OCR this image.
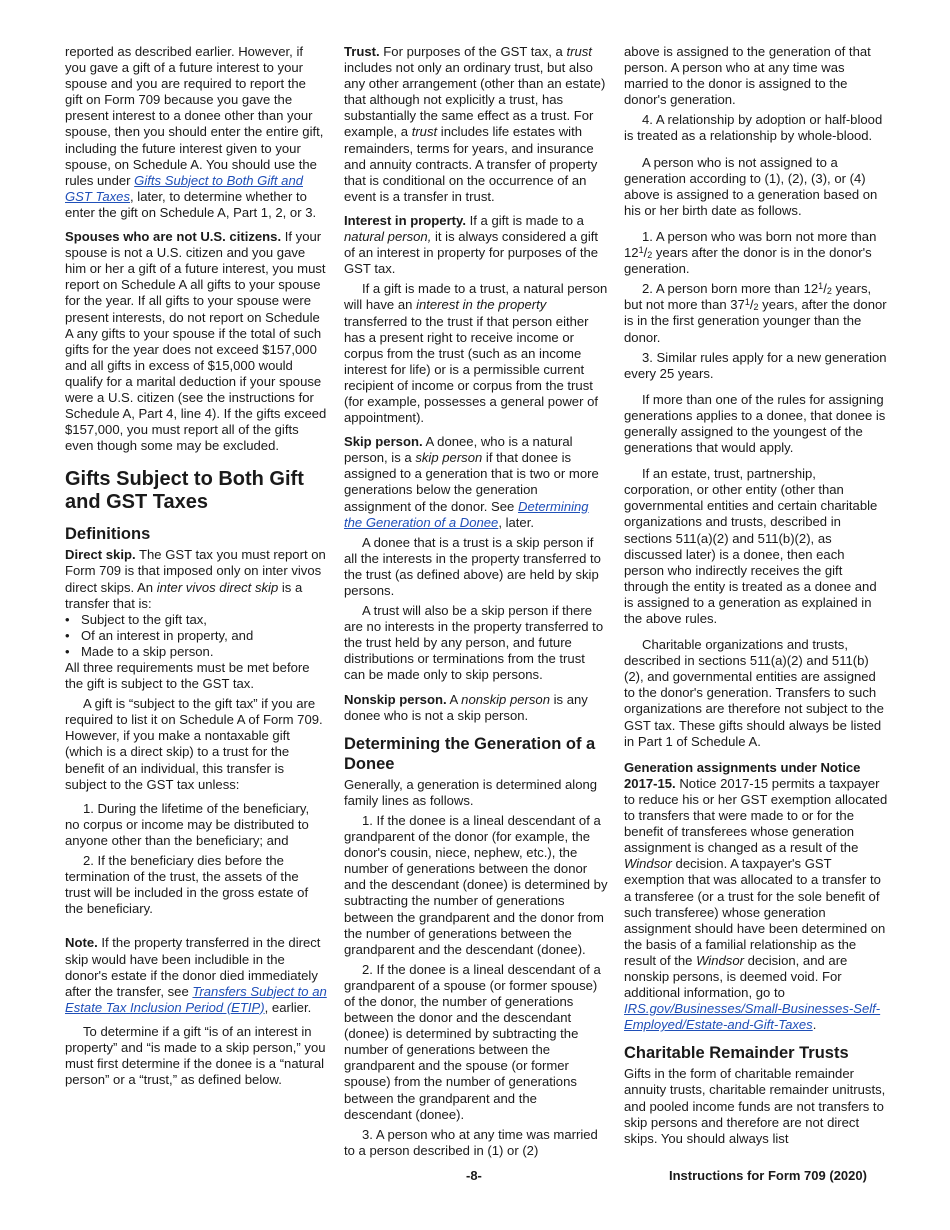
reported as described earlier. However, if you gave a gift of a future interest to your spouse and you are required to report the gift on Form 709 because you gave the present interest to a donee other than your spouse, then you should enter the entire gift, including the future interest given to your spouse, on Schedule A. You should use the rules under Gifts Subject to Both Gift and GST Taxes, later, to determine whether to enter the gift on Schedule A, Part 1, 2, or 3.

Spouses who are not U.S. citizens. If your spouse is not a U.S. citizen and you gave him or her a gift of a future interest, you must report on Schedule A all gifts to your spouse for the year. If all gifts to your spouse were present interests, do not report on Schedule A any gifts to your spouse if the total of such gifts for the year does not exceed $157,000 and all gifts in excess of $15,000 would qualify for a marital deduction if your spouse were a U.S. citizen (see the instructions for Schedule A, Part 4, line 4). If the gifts exceed $157,000, you must report all of the gifts even though some may be excluded.

Gifts Subject to Both Gift and GST Taxes
Definitions

Direct skip. The GST tax you must report on Form 709 is that imposed only on inter vivos direct skips. An inter vivos direct skip is a transfer that is:

• Subject to the gift tax,
• Of an interest in property, and
• Made to a skip person.

All three requirements must be met before the gift is subject to the GST tax.

A gift is “subject to the gift tax” if you are required to list it on Schedule A of Form 709. However, if you make a nontaxable gift (which is a direct skip) to a trust for the benefit of an individual, this transfer is subject to the GST tax unless:

1. During the lifetime of the beneficiary, no corpus or income may be distributed to anyone other than the beneficiary; and

2. If the beneficiary dies before the termination of the trust, the assets of the trust will be included in the gross estate of the beneficiary.

Note. If the property transferred in the direct skip would have been includible in the donor's estate if the donor died immediately after the transfer, see Transfers Subject to an Estate Tax Inclusion Period (ETIP), earlier.

To determine if a gift “is of an interest in property” and “is made to a skip person,” you must first determine if the donee is a “natural person” or a “trust,” as defined below.

Trust. For purposes of the GST tax, a trust includes not only an ordinary trust, but also any other arrangement (other than an estate) that although not explicitly a trust, has substantially the same effect as a trust. For example, a trust includes life estates with remainders, terms for years, and insurance and annuity contracts. A transfer of property that is conditional on the occurrence of an event is a transfer in trust.

Interest in property. If a gift is made to a natural person, it is always considered a gift of an interest in property for purposes of the GST tax.

If a gift is made to a trust, a natural person will have an interest in the property transferred to the trust if that person either has a present right to receive income or corpus from the trust (such as an income interest for life) or is a permissible current recipient of income or corpus from the trust (for example, possesses a general power of appointment).

Skip person. A donee, who is a natural person, is a skip person if that donee is assigned to a generation that is two or more generations below the generation assignment of the donor. See Determining the Generation of a Donee, later.

A donee that is a trust is a skip person if all the interests in the property transferred to the trust (as defined above) are held by skip persons.

A trust will also be a skip person if there are no interests in the property transferred to the trust held by any person, and future distributions or terminations from the trust can be made only to skip persons.

Nonskip person. A nonskip person is any donee who is not a skip person.

Determining the Generation of a Donee

Generally, a generation is determined along family lines as follows.

1. If the donee is a lineal descendant of a grandparent of the donor (for example, the donor's cousin, niece, nephew, etc.), the number of generations between the donor and the descendant (donee) is determined by subtracting the number of generations between the grandparent and the donor from the number of generations between the grandparent and the descendant (donee).

2. If the donee is a lineal descendant of a grandparent of a spouse (or former spouse) of the donor, the number of generations between the donor and the descendant (donee) is determined by subtracting the number of generations between the grandparent and the spouse (or former spouse) from the number of generations between the grandparent and the descendant (donee).

3. A person who at any time was married to a person described in (1) or (2)

above is assigned to the generation of that person. A person who at any time was married to the donor is assigned to the donor's generation.

4. A relationship by adoption or half-blood is treated as a relationship by whole-blood.

A person who is not assigned to a generation according to (1), (2), (3), or (4) above is assigned to a generation based on his or her birth date as follows.

1. A person who was born not more than $12^1/_2$ years after the donor is in the donor's generation.

2. A person born more than $12^1/_2$ years, but not more than $37^1/_2$ years, after the donor is in the first generation younger than the donor.

3. Similar rules apply for a new generation every 25 years.

If more than one of the rules for assigning generations applies to a donee, that donee is generally assigned to the youngest of the generations that would apply.

If an estate, trust, partnership, corporation, or other entity (other than governmental entities and certain charitable organizations and trusts, described in sections 511(a)(2) and 511(b)(2), as discussed later) is a donee, then each person who indirectly receives the gift through the entity is treated as a donee and is assigned to a generation as explained in the above rules.

Charitable organizations and trusts, described in sections 511(a)(2) and 511(b)(2), and governmental entities are assigned to the donor's generation. Transfers to such organizations are therefore not subject to the GST tax. These gifts should always be listed in Part 1 of Schedule A.

Generation assignments under Notice 2017-15. Notice 2017-15 permits a taxpayer to reduce his or her GST exemption allocated to transfers that were made to or for the benefit of transferees whose generation assignment is changed as a result of the Windsor decision. A taxpayer's GST exemption that was allocated to a transfer to a transferee (or a trust for the sole benefit of such transferee) whose generation assignment should have been determined on the basis of a familial relationship as the result of the Windsor decision, and are nonskip persons, is deemed void. For additional information, go to IRS.gov/Businesses/Small-Businesses-Self-Employed/Estate-and-Gift-Taxes.

Charitable Remainder Trusts

Gifts in the form of charitable remainder annuity trusts, charitable remainder unitrusts, and pooled income funds are not transfers to skip persons and therefore are not direct skips. You should always list

-8-	Instructions for Form 709 (2020)
